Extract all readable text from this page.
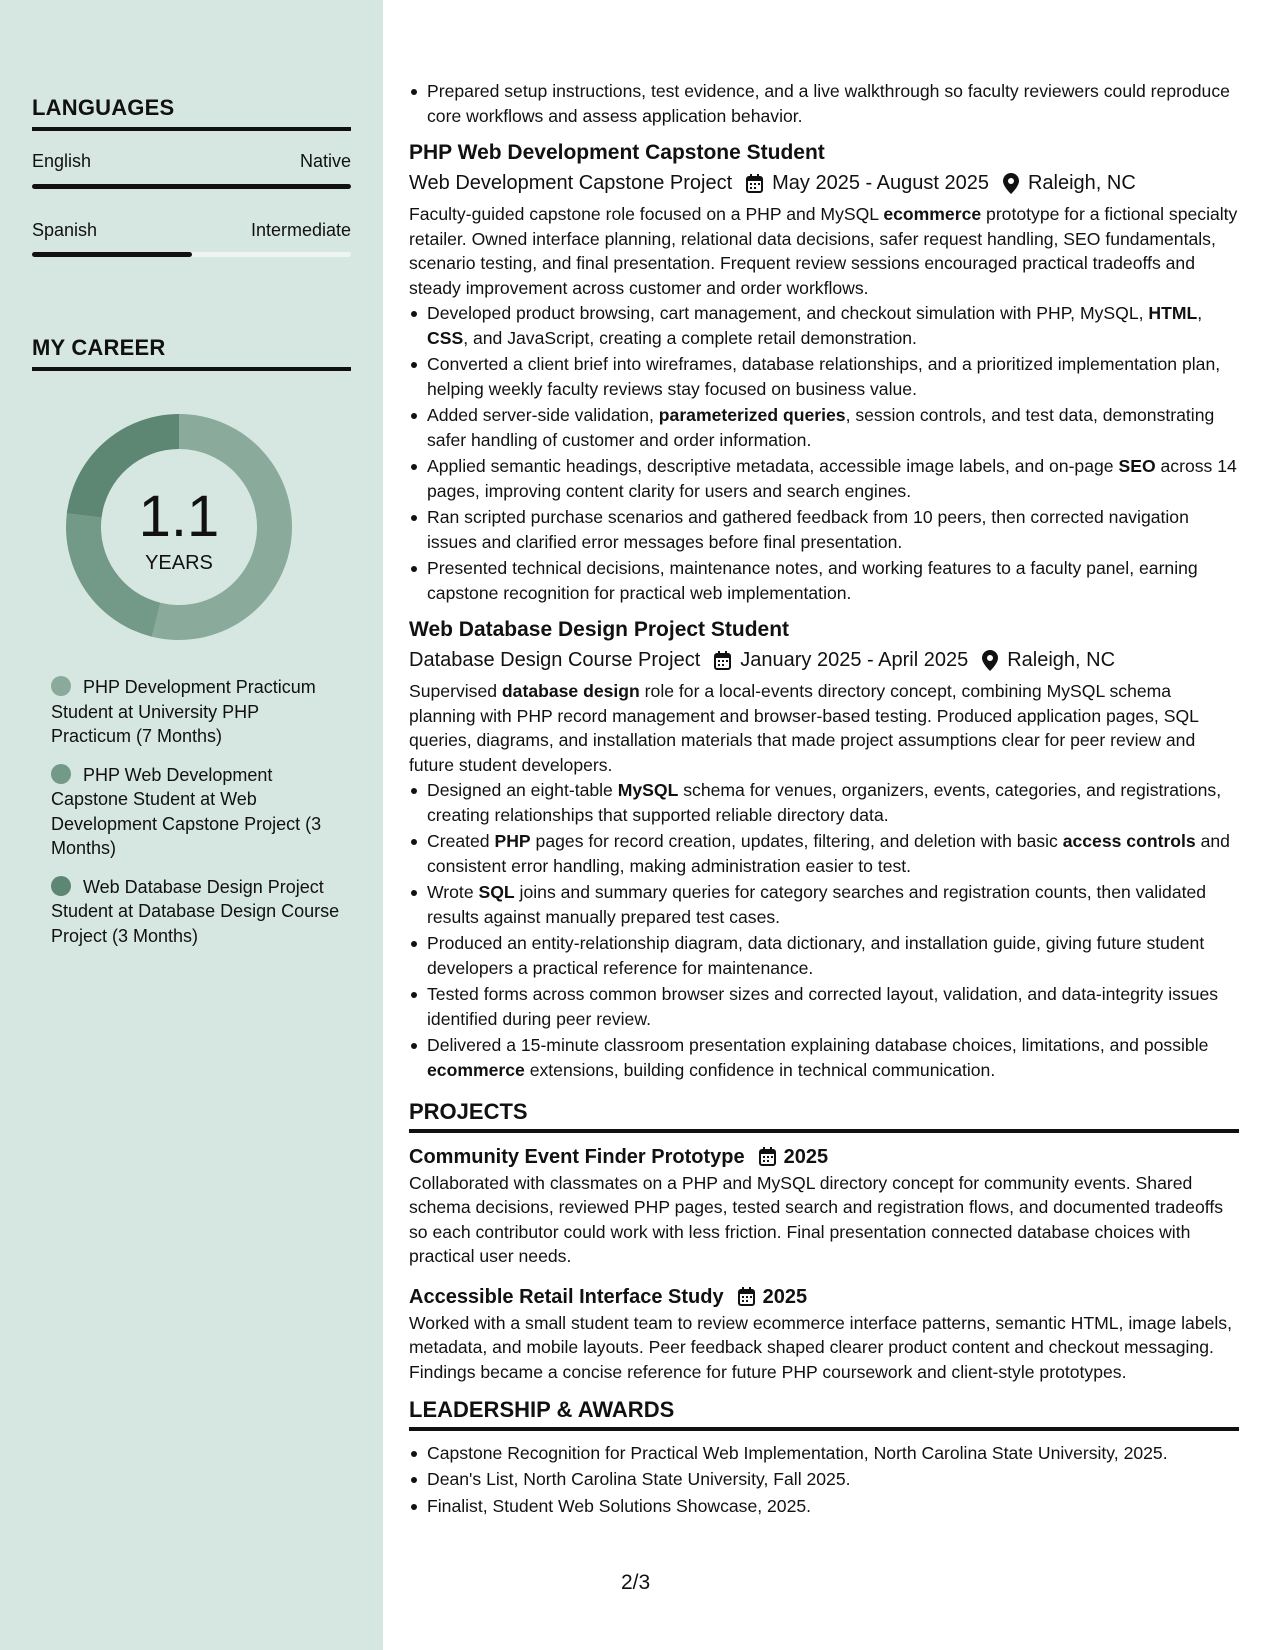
LANGUAGES
English	Native
Spanish	Intermediate
MY CAREER
1.1
YEARS
PHP Development Practicum Student at University PHP Practicum (7 Months)
PHP Web Development Capstone Student at Web Development Capstone Project (3 Months)
Web Database Design Project Student at Database Design Course Project (3 Months)
Prepared setup instructions, test evidence, and a live walkthrough so faculty reviewers could reproduce core workflows and assess application behavior.
PHP Web Development Capstone Student
Web Development Capstone Project May 2025 - August 2025 Raleigh, NC
Faculty-guided capstone role focused on a PHP and MySQL ecommerce prototype for a fictional specialty retailer. Owned interface planning, relational data decisions, safer request handling, SEO fundamentals, scenario testing, and final presentation. Frequent review sessions encouraged practical tradeoffs and steady improvement across customer and order workflows.
Developed product browsing, cart management, and checkout simulation with PHP, MySQL, HTML, CSS, and JavaScript, creating a complete retail demonstration.
Converted a client brief into wireframes, database relationships, and a prioritized implementation plan, helping weekly faculty reviews stay focused on business value.
Added server-side validation, parameterized queries, session controls, and test data, demonstrating safer handling of customer and order information.
Applied semantic headings, descriptive metadata, accessible image labels, and on-page SEO across 14 pages, improving content clarity for users and search engines.
Ran scripted purchase scenarios and gathered feedback from 10 peers, then corrected navigation issues and clarified error messages before final presentation.
Presented technical decisions, maintenance notes, and working features to a faculty panel, earning capstone recognition for practical web implementation.
Web Database Design Project Student
Database Design Course Project January 2025 - April 2025 Raleigh, NC
Supervised database design role for a local-events directory concept, combining MySQL schema planning with PHP record management and browser-based testing. Produced application pages, SQL queries, diagrams, and installation materials that made project assumptions clear for peer review and future student developers.
Designed an eight-table MySQL schema for venues, organizers, events, categories, and registrations, creating relationships that supported reliable directory data.
Created PHP pages for record creation, updates, filtering, and deletion with basic access controls and consistent error handling, making administration easier to test.
Wrote SQL joins and summary queries for category searches and registration counts, then validated results against manually prepared test cases.
Produced an entity-relationship diagram, data dictionary, and installation guide, giving future student developers a practical reference for maintenance.
Tested forms across common browser sizes and corrected layout, validation, and data-integrity issues identified during peer review.
Delivered a 15-minute classroom presentation explaining database choices, limitations, and possible ecommerce extensions, building confidence in technical communication.
PROJECTS
Community Event Finder Prototype 2025
Collaborated with classmates on a PHP and MySQL directory concept for community events. Shared schema decisions, reviewed PHP pages, tested search and registration flows, and documented tradeoffs so each contributor could work with less friction. Final presentation connected database choices with practical user needs.
Accessible Retail Interface Study 2025
Worked with a small student team to review ecommerce interface patterns, semantic HTML, image labels, metadata, and mobile layouts. Peer feedback shaped clearer product content and checkout messaging. Findings became a concise reference for future PHP coursework and client-style prototypes.
LEADERSHIP & AWARDS
Capstone Recognition for Practical Web Implementation, North Carolina State University, 2025.
Dean's List, North Carolina State University, Fall 2025.
Finalist, Student Web Solutions Showcase, 2025.
2/3
